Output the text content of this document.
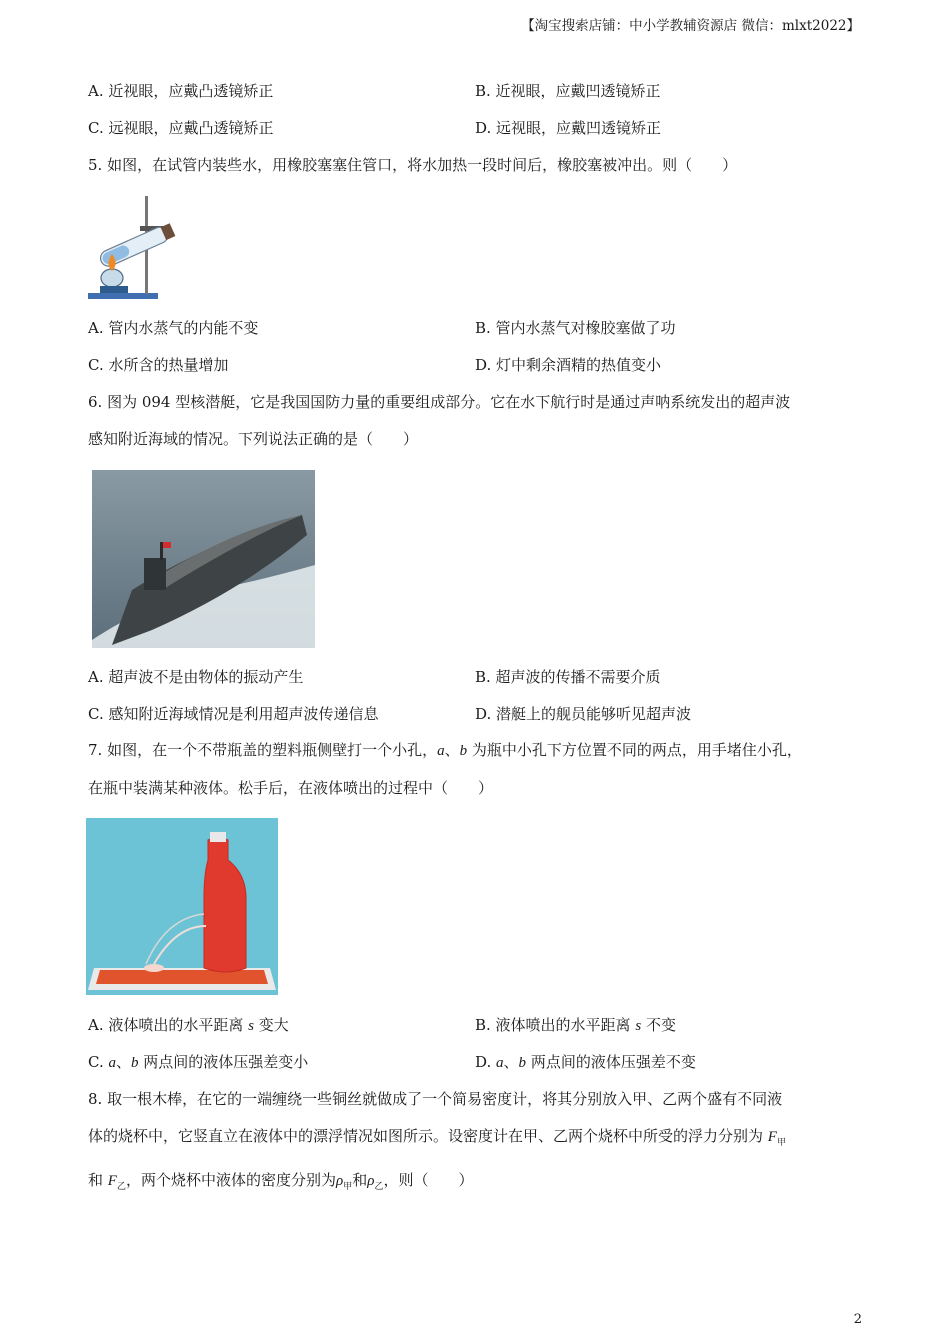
【淘宝搜索店铺：中小学教辅资源店 微信：mlxt2022】
A. 近视眼，应戴凸透镜矫正	B. 近视眼，应戴凹透镜矫正
C. 远视眼，应戴凸透镜矫正	D. 远视眼，应戴凹透镜矫正
5. 如图，在试管内装些水，用橡胶塞塞住管口，将水加热一段时间后，橡胶塞被冲出。则（　　）
A. 管内水蒸气的内能不变	B. 管内水蒸气对橡胶塞做了功
C. 水所含的热量增加	D. 灯中剩余酒精的热值变小
6. 图为 094 型核潜艇，它是我国国防力量的重要组成部分。它在水下航行时是通过声呐系统发出的超声波
感知附近海域的情况。下列说法正确的是（　　）
A. 超声波不是由物体的振动产生	B. 超声波的传播不需要介质
C. 感知附近海域情况是利用超声波传递信息	D. 潜艇上的舰员能够听见超声波
7. 如图，在一个不带瓶盖的塑料瓶侧壁打一个小孔，a、b 为瓶中小孔下方位置不同的两点，用手堵住小孔，
在瓶中装满某种液体。松手后，在液体喷出的过程中（　　）
A. 液体喷出的水平距离 s 变大	B. 液体喷出的水平距离 s 不变
C. a、b 两点间的液体压强差变小	D. a、b 两点间的液体压强差不变
8. 取一根木棒，在它的一端缠绕一些铜丝就做成了一个简易密度计，将其分别放入甲、乙两个盛有不同液
体的烧杯中，它竖直立在液体中的漂浮情况如图所示。设密度计在甲、乙两个烧杯中所受的浮力分别为 $F_甲$
和 $F_乙$，两个烧杯中液体的密度分别为$\rho_甲$和$\rho_乙$，则（　　）
2
